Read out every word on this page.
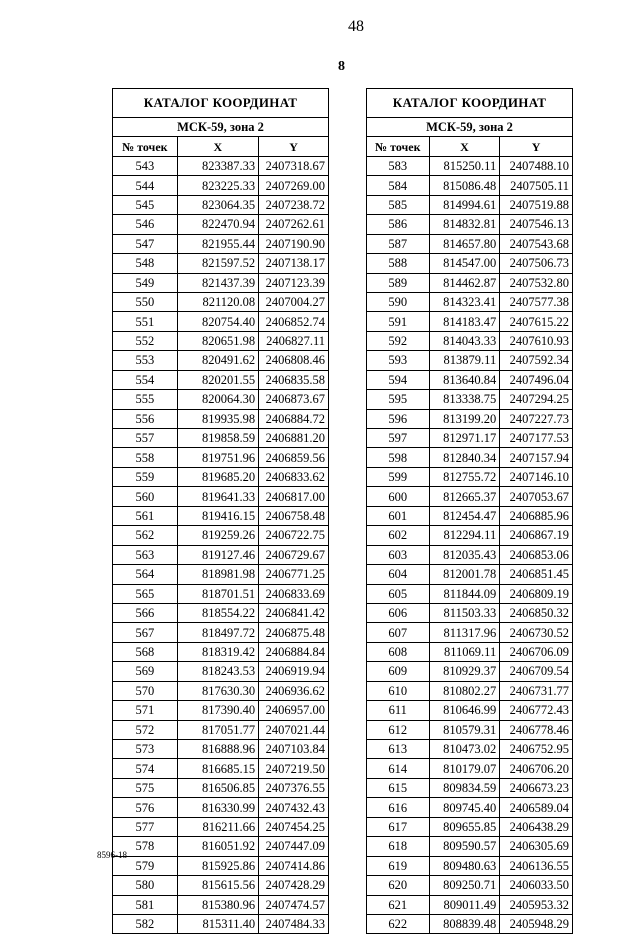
48
8
КАТАЛОГ КООРДИНАТ		
МСК-59, зона 2		
№ точек	X	Y
543	823387.33	2407318.67
544	823225.33	2407269.00
545	823064.35	2407238.72
546	822470.94	2407262.61
547	821955.44	2407190.90
548	821597.52	2407138.17
549	821437.39	2407123.39
550	821120.08	2407004.27
551	820754.40	2406852.74
552	820651.98	2406827.11
553	820491.62	2406808.46
554	820201.55	2406835.58
555	820064.30	2406873.67
556	819935.98	2406884.72
557	819858.59	2406881.20
558	819751.96	2406859.56
559	819685.20	2406833.62
560	819641.33	2406817.00
561	819416.15	2406758.48
562	819259.26	2406722.75
563	819127.46	2406729.67
564	818981.98	2406771.25
565	818701.51	2406833.69
566	818554.22	2406841.42
567	818497.72	2406875.48
568	818319.42	2406884.84
569	818243.53	2406919.94
570	817630.30	2406936.62
571	817390.40	2406957.00
572	817051.77	2407021.44
573	816888.96	2407103.84
574	816685.15	2407219.50
575	816506.85	2407376.55
576	816330.99	2407432.43
577	816211.66	2407454.25
578	816051.92	2407447.09
579	815925.86	2407414.86
580	815615.56	2407428.29
581	815380.96	2407474.57
582	815311.40	2407484.33
КАТАЛОГ КООРДИНАТ		
МСК-59, зона 2		
№ точек	X	Y
583	815250.11	2407488.10
584	815086.48	2407505.11
585	814994.61	2407519.88
586	814832.81	2407546.13
587	814657.80	2407543.68
588	814547.00	2407506.73
589	814462.87	2407532.80
590	814323.41	2407577.38
591	814183.47	2407615.22
592	814043.33	2407610.93
593	813879.11	2407592.34
594	813640.84	2407496.04
595	813338.75	2407294.25
596	813199.20	2407227.73
597	812971.17	2407177.53
598	812840.34	2407157.94
599	812755.72	2407146.10
600	812665.37	2407053.67
601	812454.47	2406885.96
602	812294.11	2406867.19
603	812035.43	2406853.06
604	812001.78	2406851.45
605	811844.09	2406809.19
606	811503.33	2406850.32
607	811317.96	2406730.52
608	811069.11	2406706.09
609	810929.37	2406709.54
610	810802.27	2406731.77
611	810646.99	2406772.43
612	810579.31	2406778.46
613	810473.02	2406752.95
614	810179.07	2406706.20
615	809834.59	2406673.23
616	809745.40	2406589.04
617	809655.85	2406438.29
618	809590.57	2406305.69
619	809480.63	2406136.55
620	809250.71	2406033.50
621	809011.49	2405953.32
622	808839.48	2405948.29
8596-18
